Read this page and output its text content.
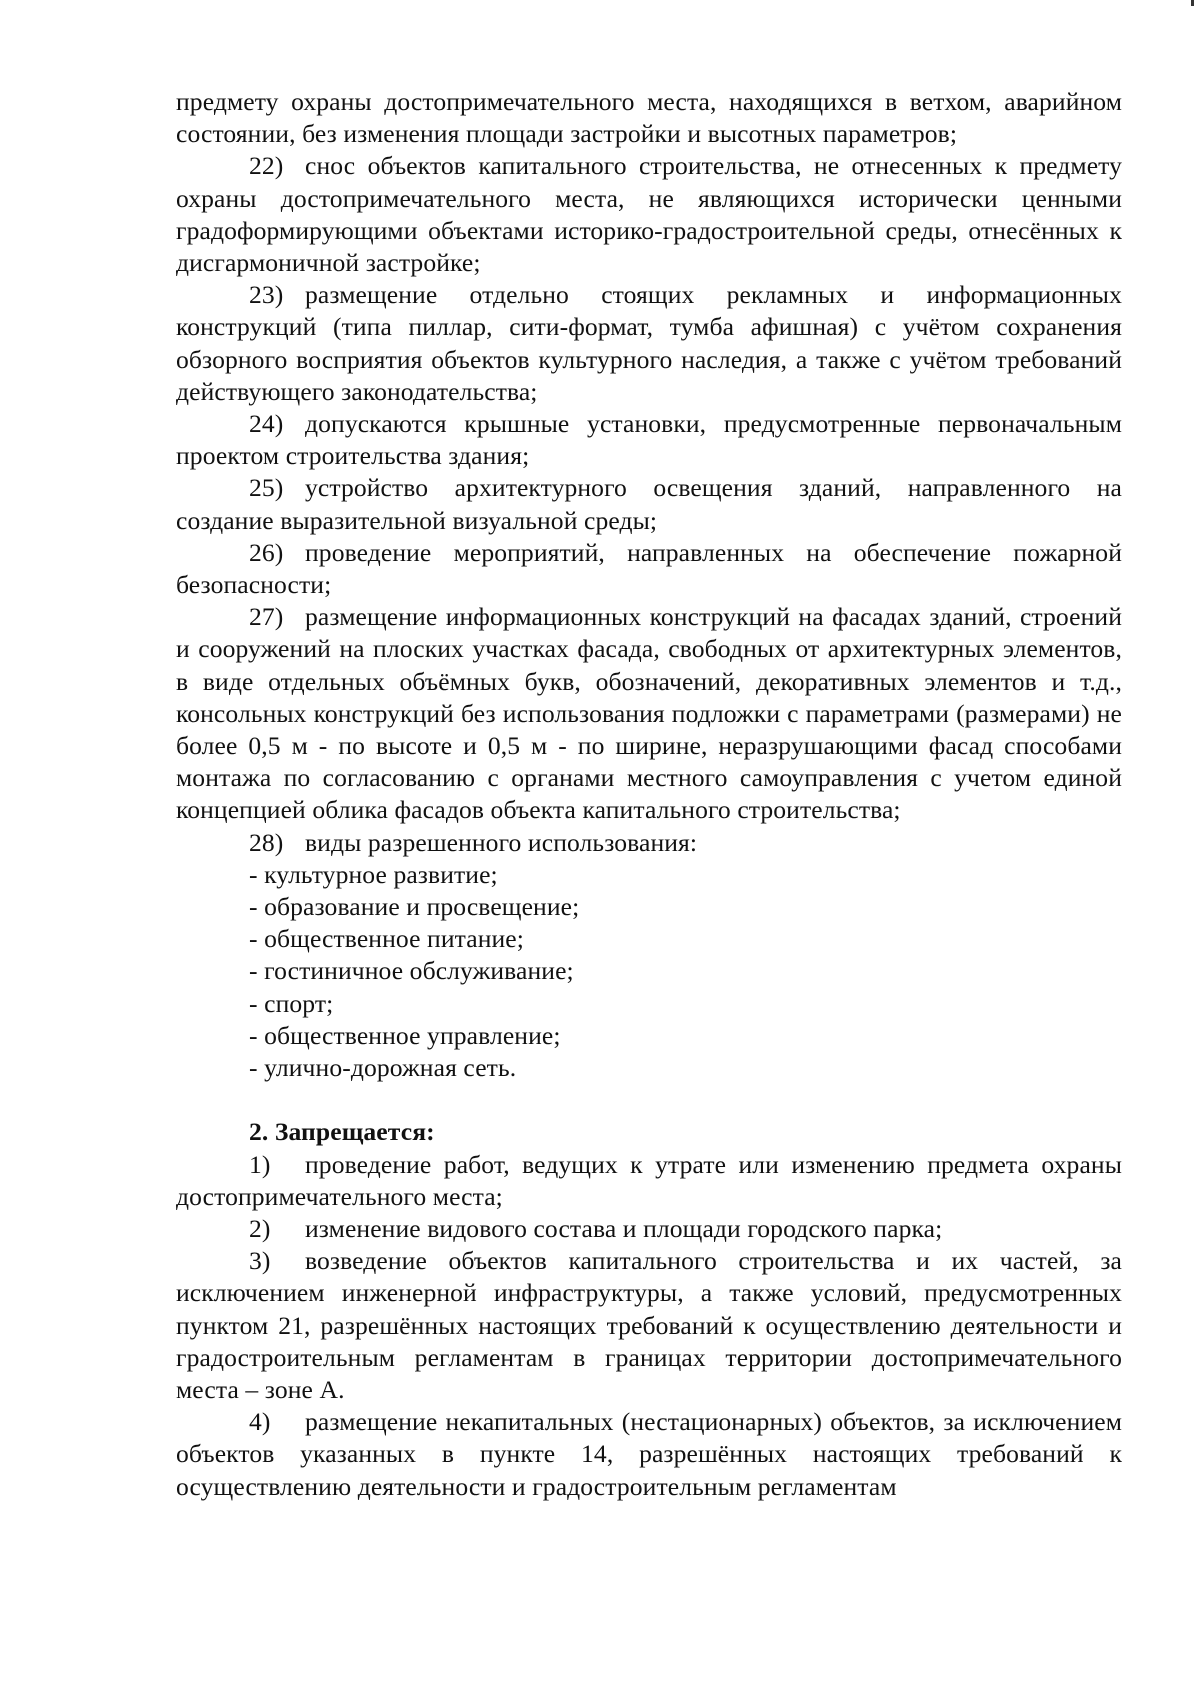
предмету охраны достопримечательного места, находящихся в ветхом, аварийном состоянии, без изменения площади застройки и высотных параметров;

22) снос объектов капитального строительства, не отнесенных к предмету охраны достопримечательного места, не являющихся исторически ценными градоформирующими объектами историко-градостроительной среды, отнесённых к дисгармоничной застройке;

23) размещение отдельно стоящих рекламных и информационных конструкций (типа пиллар, сити-формат, тумба афишная) с учётом сохранения обзорного восприятия объектов культурного наследия, а также с учётом требований действующего законодательства;

24) допускаются крышные установки, предусмотренные первоначальным проектом строительства здания;

25) устройство архитектурного освещения зданий, направленного на создание выразительной визуальной среды;

26) проведение мероприятий, направленных на обеспечение пожарной безопасности;

27) размещение информационных конструкций на фасадах зданий, строений и сооружений на плоских участках фасада, свободных от архитектурных элементов, в виде отдельных объёмных букв, обозначений, декоративных элементов и т.д., консольных конструкций без использования подложки с параметрами (размерами) не более 0,5 м - по высоте и 0,5 м - по ширине, неразрушающими фасад способами монтажа по согласованию с органами местного самоуправления с учетом единой концепцией облика фасадов объекта капитального строительства;

28) виды разрешенного использования:

- культурное развитие;

- образование и просвещение;

- общественное питание;

- гостиничное обслуживание;

- спорт;

- общественное управление;

- улично-дорожная сеть.

2. Запрещается:

1) проведение работ, ведущих к утрате или изменению предмета охраны достопримечательного места;

2) изменение видового состава и площади городского парка;

3) возведение объектов капитального строительства и их частей, за исключением инженерной инфраструктуры, а также условий, предусмотренных пунктом 21, разрешённых настоящих требований к осуществлению деятельности и градостроительным регламентам в границах территории достопримечательного места – зоне А.

4) размещение некапитальных (нестационарных) объектов, за исключением объектов указанных в пункте 14, разрешённых настоящих требований к осуществлению деятельности и градостроительным регламентам
